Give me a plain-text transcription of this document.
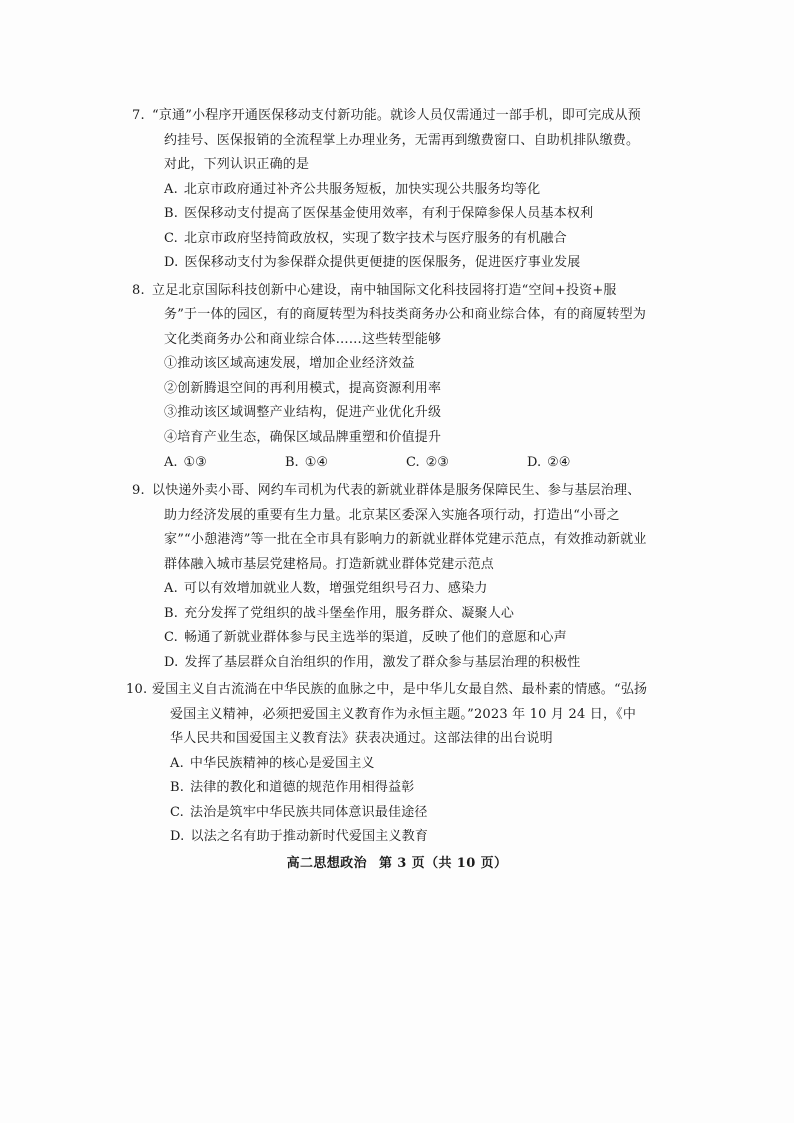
7. “京通”小程序开通医保移动支付新功能。就诊人员仅需通过一部手机，即可完成从预约挂号、医保报销的全流程掌上办理业务，无需再到缴费窗口、自助机排队缴费。对此，下列认识正确的是
A. 北京市政府通过补齐公共服务短板，加快实现公共服务均等化
B. 医保移动支付提高了医保基金使用效率，有利于保障参保人员基本权利
C. 北京市政府坚持简政放权，实现了数字技术与医疗服务的有机融合
D. 医保移动支付为参保群众提供更便捷的医保服务，促进医疗事业发展
8. 立足北京国际科技创新中心建设，南中轴国际文化科技园将打造“空间+投资+服务”于一体的园区，有的商厦转型为科技类商务办公和商业综合体，有的商厦转型为文化类商务办公和商业综合体……这些转型能够
①推动该区域高速发展，增加企业经济效益
②创新腾退空间的再利用模式，提高资源利用率
③推动该区域调整产业结构，促进产业优化升级
④培育产业生态，确保区域品牌重塑和价值提升
A. ①③	B. ①④	C. ②③	D. ②④
9. 以快递外卖小哥、网约车司机为代表的新就业群体是服务保障民生、参与基层治理、助力经济发展的重要有生力量。北京某区委深入实施各项行动，打造出“小哥之家”“小憩港湾”等一批在全市具有影响力的新就业群体党建示范点，有效推动新就业群体融入城市基层党建格局。打造新就业群体党建示范点
A. 可以有效增加就业人数，增强党组织号召力、感染力
B. 充分发挥了党组织的战斗堡垒作用，服务群众、凝聚人心
C. 畅通了新就业群体参与民主选举的渠道，反映了他们的意愿和心声
D. 发挥了基层群众自治组织的作用，激发了群众参与基层治理的积极性
10. 爱国主义自古流淌在中华民族的血脉之中，是中华儿女最自然、最朴素的情感。“弘扬爱国主义精神，必须把爱国主义教育作为永恒主题。”2023 年 10 月 24 日，《中华人民共和国爱国主义教育法》获表决通过。这部法律的出台说明
A. 中华民族精神的核心是爱国主义
B. 法律的教化和道德的规范作用相得益彰
C. 法治是筑牢中华民族共同体意识最佳途径
D. 以法之名有助于推动新时代爱国主义教育
高二思想政治 第 3 页（共 10 页）
